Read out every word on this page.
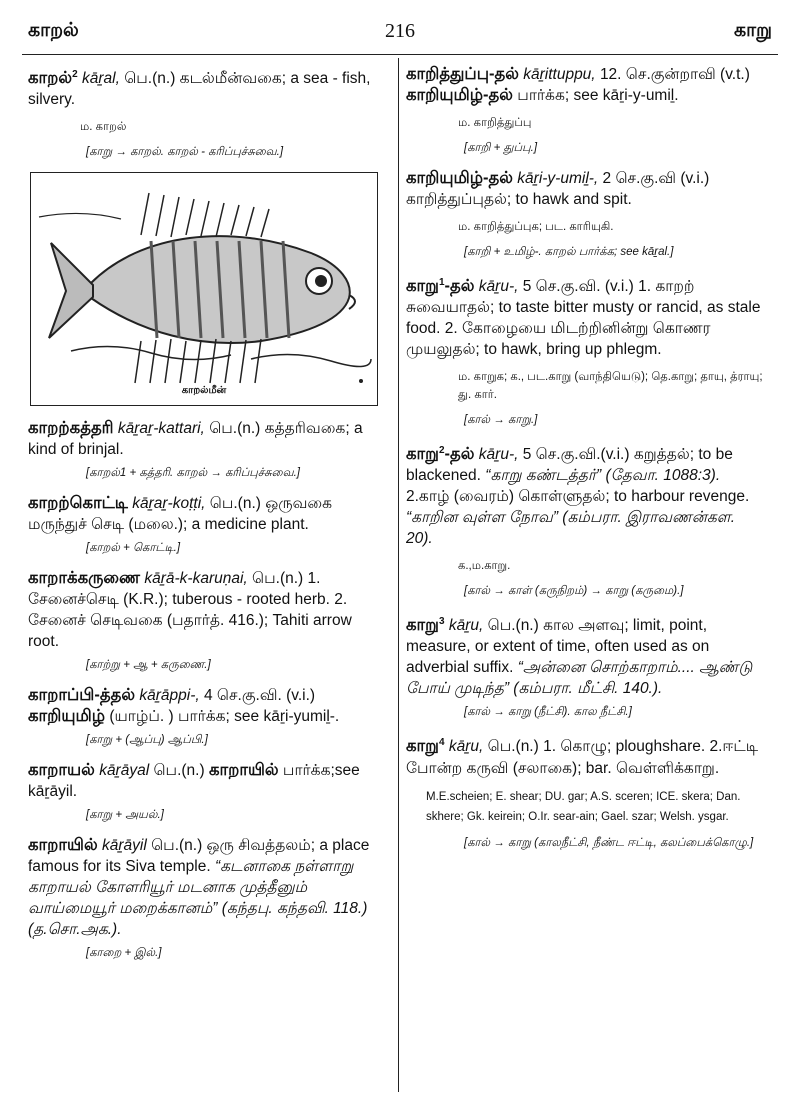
காறல்	216	காறு
காறல்$^2$ kāṟal, பெ.(n.) கடல்மீன்வகை; a sea - fish, silvery.
ம. காறல்
[காறு → காறல். காறல் - கரிப்புச்சுவை.]
காறல்மீன்
காறற்கத்தரி kāṟaṟ-kattari, பெ.(n.) கத்தரிவகை; a kind of brinjal.
[காறல்1 + கத்தரி. காறல் → கரிப்புச்சுவை.]
காறற்கொட்டி kāṟaṟ-koṭṭi, பெ.(n.) ஒருவகை மருந்துச் செடி (மலை.); a medicine plant.
[காறல் + கொட்டி.]
காறாக்கருணை kāṟā-k-karuṇai, பெ.(n.) 1. சேனைச்செடி (K.R.); tuberous - rooted herb. 2. சேனைச் செடிவகை (பதார்த். 416.); Tahiti arrow root.
[காற்று + ஆ + கருணை.]
காறாப்பி-த்தல் kāṟāppi-, 4 செ.கு.வி. (v.i.) காறியுமிழ் (யாழ்ப். ) பார்க்க; see kāṟi-yumiḻ-.
[காறு + (ஆப்பு) ஆப்பி.]
காறாயல் kāṟāyal பெ.(n.) காறாயில் பார்க்க;see kāṟāyil.
[காறு + அயல்.]
காறாயில் kāṟāyil பெ.(n.) ஒரு சிவத்தலம்; a place famous for its Siva temple. “கடனாகை நள்ளாறு காறாயல் கோளரியூர் மடனாக முத்தீனும் வாய்மையூர் மறைக்கானம்” (கந்தபு. கந்தவி. 118.) (த.சொ.அக.).
[காறை + இல்.]
காறித்துப்பு-தல் kāṟittuppu, 12. செ.குன்றாவி (v.t.) காறியுமிழ்-தல் பார்க்க; see kāṟi-y-umiḻ.
ம. காறித்துப்பு
[காறி + துப்பு.]
காறியுமிழ்-தல் kāṟi-y-umiḻ-, 2 செ.கு.வி (v.i.) காறித்துப்புதல்; to hawk and spit.
ம. காறித்துப்புக; பட. காரியுகி.
[காறி + உமிழ்-. காறல் பார்க்க; see kāṟal.]
காறு$^1$-தல் kāṟu-, 5 செ.கு.வி. (v.i.) 1. காறற் சுவையாதல்; to taste bitter musty or rancid, as stale food. 2. கோழையை மிடற்றினின்று கொணர முயலுதல்; to hawk, bring up phlegm.
ம. காறுக; க., பட.காறு (வாந்தியெடு); தெ.காறு; தாயு, த்ராயு; து. கார்.
[கால் → காறு.]
காறு$^2$-தல் kāṟu-, 5 செ.கு.வி.(v.i.) கறுத்தல்; to be blackened. “காறு கண்டத்தர்” (தேவா. 1088:3). 2.காழ் (வைரம்) கொள்ளுதல்; to harbour revenge. “காறின வுள்ள நோவ” (கம்பரா. இராவணன்கள. 20).
க.,ம.காறு.
[கால் → காள் (கருநிறம்) → காறு (கருமை).]
காறு$^3$ kāṟu, பெ.(n.) கால அளவு; limit, point, measure, or extent of time, often used as on adverbial suffix. “அன்னை சொற்காறாம்.... ஆண்டு போய் முடிந்த” (கம்பரா. மீட்சி. 140.).
[கால் → காறு (நீட்சி). கால நீட்சி.]
காறு$^4$ kāṟu, பெ.(n.) 1. கொழு; ploughshare. 2.ஈட்டி போன்ற கருவி (சலாகை); bar. வெள்ளிக்காறு.
M.E.scheien; E. shear; DU. gar; A.S. sceren; ICE. skera; Dan. skhere; Gk. keirein; O.Ir. sear-ain; Gael. szar; Welsh. ysgar.
[கால் → காறு (காலநீட்சி, நீண்ட ஈட்டி, கலப்பைக்கொழு.]
